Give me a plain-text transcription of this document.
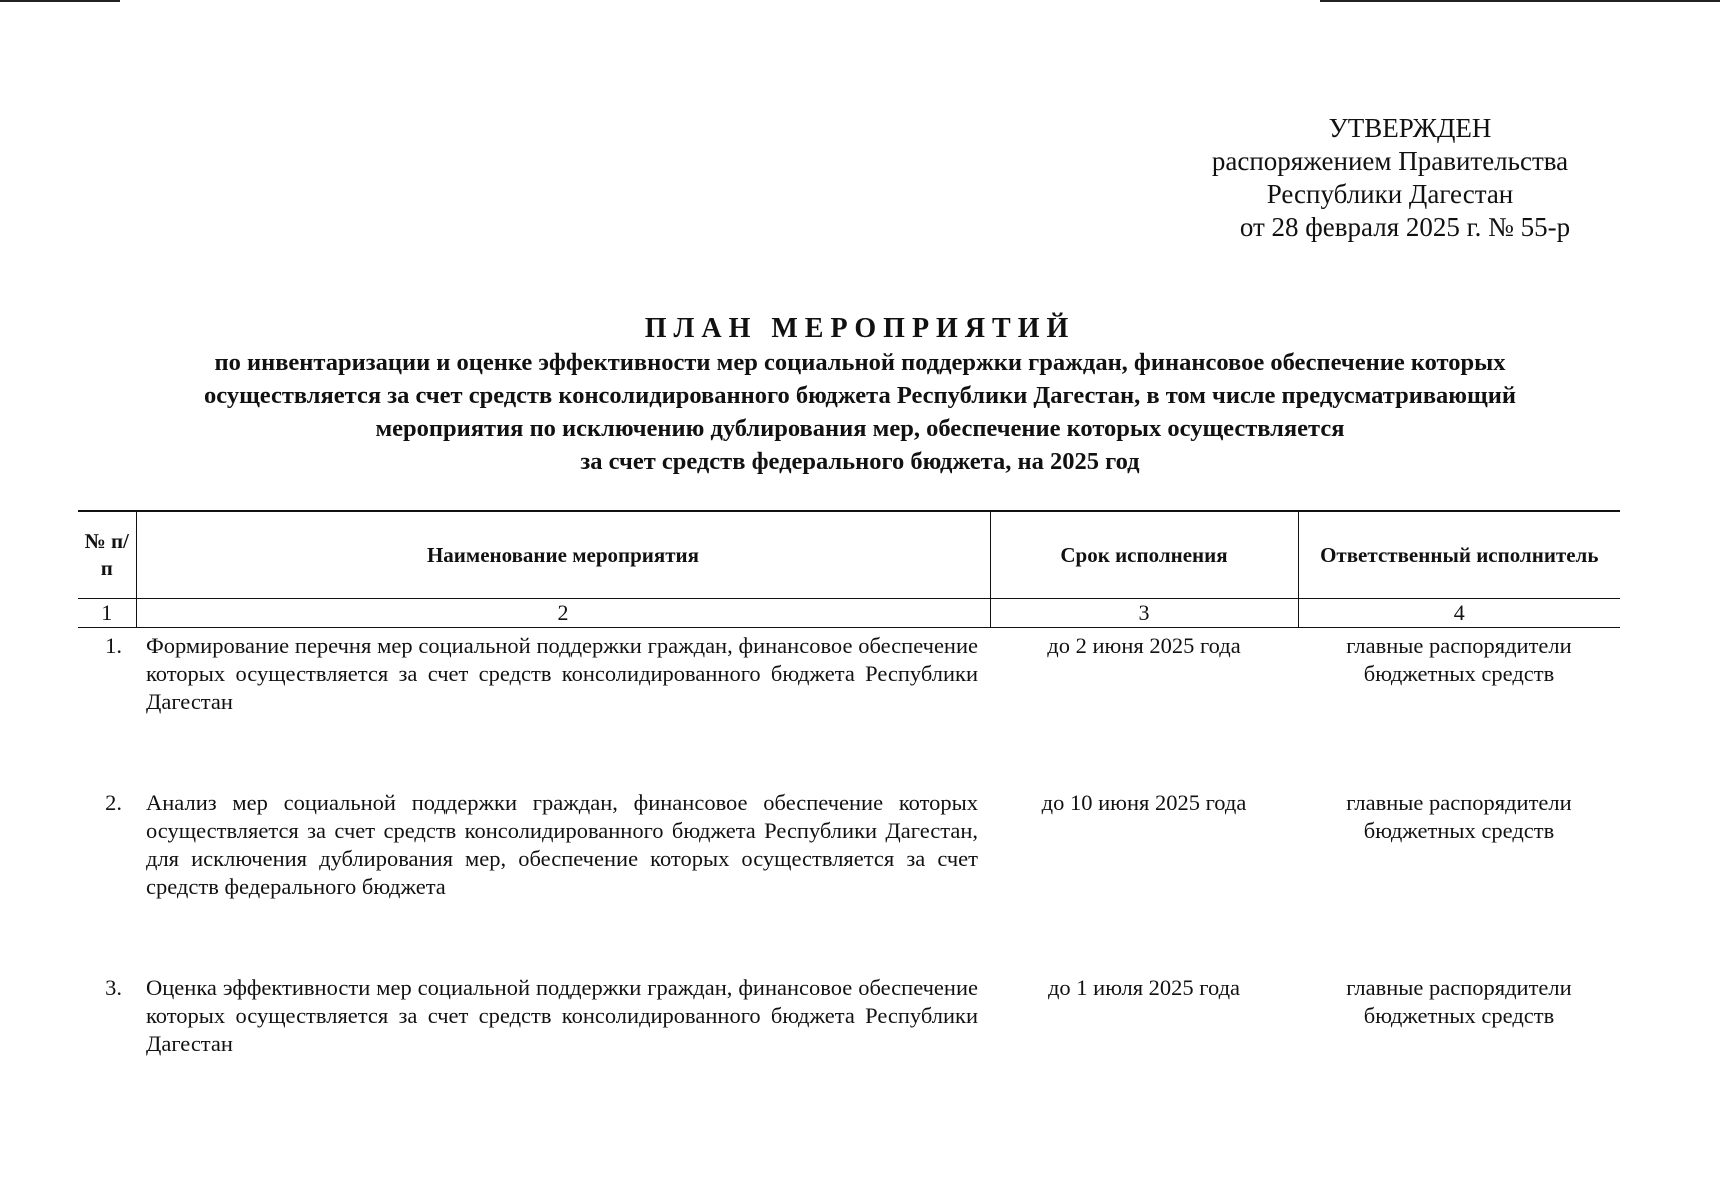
УТВЕРЖДЕН
распоряжением Правительства
Республики Дагестан
от 28 февраля 2025 г. № 55-р
ПЛАН МЕРОПРИЯТИЙ
по инвентаризации и оценке эффективности мер социальной поддержки граждан, финансовое обеспечение которых
осуществляется за счет средств консолидированного бюджета Республики Дагестан, в том числе предусматривающий
мероприятия по исключению дублирования мер, обеспечение которых осуществляется
за счет средств федерального бюджета, на 2025 год
№ п/п	Наименование мероприятия	Срок исполнения	Ответственный исполнитель
1	2	3	4
1.	Формирование перечня мер социальной поддержки граждан, финансовое обеспечение которых осуществляется за счет средств консолидированного бюджета Республики Дагестан	до 2 июня 2025 года	главные распорядители бюджетных средств
2.	Анализ мер социальной поддержки граждан, финансовое обеспечение которых осуществляется за счет средств консолидированного бюджета Республики Дагестан, для исключения дублирования мер, обеспечение которых осуществляется за счет средств федерального бюджета	до 10 июня 2025 года	главные распорядители бюджетных средств
3.	Оценка эффективности мер социальной поддержки граждан, финансовое обеспечение которых осуществляется за счет средств консолидированного бюджета Республики Дагестан	до 1 июля 2025 года	главные распорядители бюджетных средств
